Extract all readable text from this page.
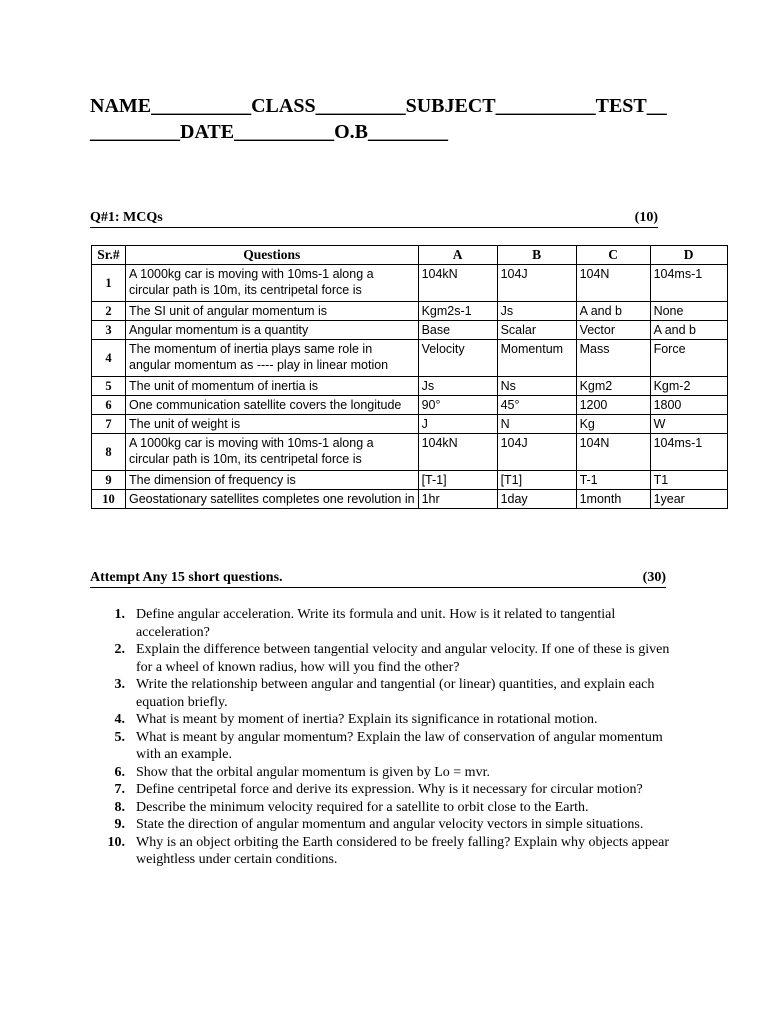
NAME__________CLASS_________SUBJECT__________TEST__
_________DATE__________O.B________
Q#1: MCQs	(10)
Sr.#	Questions	A	B	C	D
1	A 1000kg car is moving with 10ms-1 along a
circular path is 10m, its centripetal force is	104kN	104J	104N	104ms-1
2	The SI unit of angular momentum is	Kgm2s-1	Js	A and b	None
3	Angular momentum is a quantity	Base	Scalar	Vector	A and b
4	The momentum of inertia plays same role in
angular momentum as ---- play in linear motion	Velocity	Momentum	Mass	Force
5	The unit of momentum of inertia is	Js	Ns	Kgm2	Kgm-2
6	One communication satellite covers the longitude	90°	45°	1200	1800
7	The unit of weight is	J	N	Kg	W
8	A 1000kg car is moving with 10ms-1 along a
circular path is 10m, its centripetal force is	104kN	104J	104N	104ms-1
9	The dimension of frequency is	[T-1]	[T1]	T-1	T1
10	Geostationary satellites completes one revolution in	1hr	1day	1month	1year
Attempt Any 15 short questions.	(30)
1. Define angular acceleration. Write its formula and unit. How is it related to tangential acceleration?
2. Explain the difference between tangential velocity and angular velocity. If one of these is given for a wheel of known radius, how will you find the other?
3. Write the relationship between angular and tangential (or linear) quantities, and explain each equation briefly.
4. What is meant by moment of inertia? Explain its significance in rotational motion.
5. What is meant by angular momentum? Explain the law of conservation of angular momentum with an example.
6. Show that the orbital angular momentum is given by Lo = mvr.
7. Define centripetal force and derive its expression. Why is it necessary for circular motion?
8. Describe the minimum velocity required for a satellite to orbit close to the Earth.
9. State the direction of angular momentum and angular velocity vectors in simple situations.
10. Why is an object orbiting the Earth considered to be freely falling? Explain why objects appear weightless under certain conditions.
